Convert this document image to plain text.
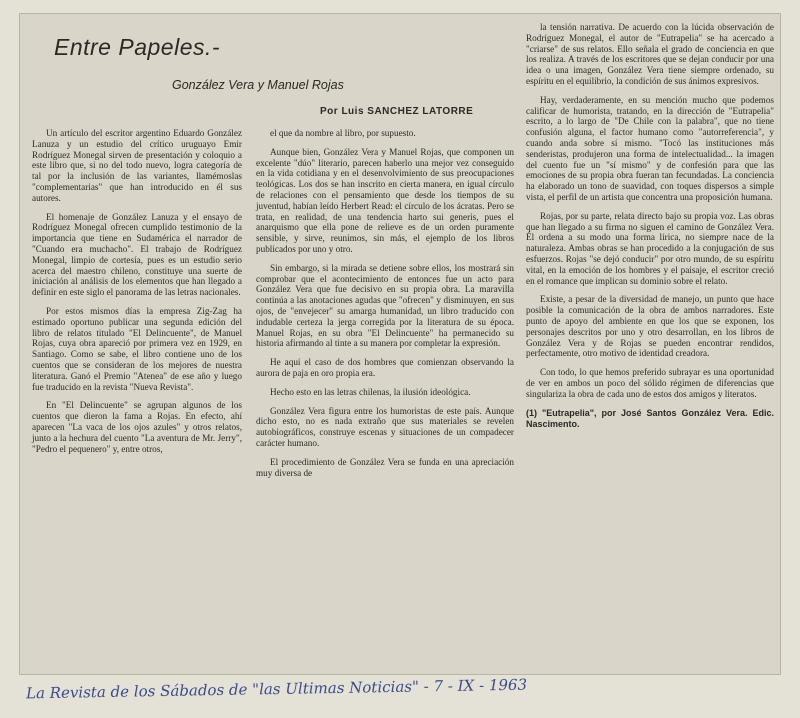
Entre Papeles.-
González Vera y Manuel Rojas
Por Luis SANCHEZ LATORRE

Un artículo del escritor argentino Eduardo González Lanuza y un estudio del crítico uruguayo Emir Rodríguez Monegal sirven de presentación y coloquio a este libro que, si no del todo nuevo, logra categoría de tal por la inclusión de las variantes, llamémoslas "complementarias" que han introducido en él sus autores.

El homenaje de González Lanuza y el ensayo de Rodríguez Monegal ofrecen cumplido testimonio de la importancia que tiene en Sudamérica el narrador de "Cuando era muchacho". El trabajo de Rodríguez Monegal, limpio de cortesía, pues es un estudio serio acerca del maestro chileno, constituye una suerte de iniciación al análisis de los elementos que han llegado a definir en este siglo el panorama de las letras nacionales.

Por estos mismos días la empresa Zig-Zag ha estimado oportuno publicar una segunda edición del libro de relatos titulado "El Delincuente", de Manuel Rojas, cuya obra apareció por primera vez en 1929, en Santiago. Como se sabe, el libro contiene uno de los cuentos que se consideran de los mejores de nuestra literatura. Ganó el Premio "Atenea" de ese año y luego fue traducido en la revista "Nueva Revista".

En "El Delincuente" se agrupan algunos de los cuentos que dieron la fama a Rojas. En efecto, ahí aparecen "La vaca de los ojos azules" y otros relatos, junto a la hechura del cuento "La aventura de Mr. Jerry", "Pedro el pequenero" y, entre otros,

el que da nombre al libro, por supuesto.

Aunque bien, González Vera y Manuel Rojas, que componen un excelente "dúo" literario, parecen haberlo una mejor vez conseguido en la vida cotidiana y en el desenvolvimiento de sus preocupaciones teológicas. Los dos se han inscrito en cierta manera, en igual círculo de relaciones con el pensamiento que desde los tiempos de su juventud, habían leído Herbert Read: el círculo de los ácratas. Pero se trata, en realidad, de una tendencia harto sui generis, pues el anarquismo que ella pone de relieve es de un orden puramente sensible, y sirve, reunimos, sin más, el ejemplo de los libros publicados por uno y otro.

Sin embargo, si la mirada se detiene sobre ellos, los mostrará sin comprobar que el acontecimiento de entonces fue un acto para González Vera que fue decisivo en su propia obra. La maravilla continúa a las anotaciones agudas que "ofrecen" y disminuyen, en sus ojos, de "envejecer" su amarga humanidad, un libro traducido con indudable certeza la jerga corregida por la literatura de su época. Manuel Rojas, en su obra "El Delincuente" ha permanecido su historia afirmando al tinte a su manera por completar la expresión.

He aquí el caso de dos hombres que comienzan observando la aurora de paja en oro propia era.

Hecho esto en las letras chilenas, la ilusión ideológica.

González Vera figura entre los humoristas de este país. Aunque dicho esto, no es nada extraño que sus materiales se revelen autobiográficos, construye escenas y situaciones de un compadecer carácter humano.

El procedimiento de González Vera se funda en una apreciación muy diversa de

la tensión narrativa. De acuerdo con la lúcida observación de Rodríguez Monegal, el autor de "Eutrapelia" se ha acercado a "criarse" de sus relatos. Ello señala el grado de conciencia en que los realiza. A través de los escritores que se dejan conducir por una idea o una imagen, González Vera tiene siempre ordenado, su espíritu en el equilibrio, la condición de sus ánimos expresivos.

Hay, verdaderamente, en su mención mucho que podemos calificar de humorista, tratando, en la dirección de "Eutrapelia" escrito, a lo largo de "De Chile con la palabra", que no tiene confusión alguna, el factor humano como "autorreferencia", y cuando anda sobre sí mismo. "Tocó las instituciones más senderistas, produjeron una forma de intelectualidad... la imagen del cuento fue un "sí mismo" y de confesión para que las emociones de su propia obra fueran tan fecundadas. La conciencia ha elaborado un tono de suavidad, con toques dispersos a simple vista, el perfil de un artista que concentra una proposición humana.

Rojas, por su parte, relata directo bajo su propia voz. Las obras que han llegado a su firma no siguen el camino de González Vera. Él ordena a su modo una forma lírica, no siempre nace de la naturaleza. Ambas obras se han procedido a la conjugación de sus esfuerzos. Rojas "se dejó conducir" por otro mundo, de su espíritu vital, en la emoción de los hombres y el paisaje, el escritor creció en el romance que implican su dominio sobre el relato.

Existe, a pesar de la diversidad de manejo, un punto que hace posible la comunicación de la obra de ambos narradores. Este punto de apoyo del ambiente en que los que se exponen, los personajes descritos por uno y otro desarrollan, en los libros de González Vera y de Rojas se pueden encontrar rendidos, perfectamente, otro motivo de identidad creadora.

Con todo, lo que hemos preferido subrayar es una oportunidad de ver en ambos un poco del sólido régimen de diferencias que singulariza la obra de cada uno de estos dos amigos y literatos.

(1) "Eutrapelia", por José Santos González Vera. Edic. Nascimento.

La Revista de los Sábados de "las Ultimas Noticias" - 7 - IX - 1963
